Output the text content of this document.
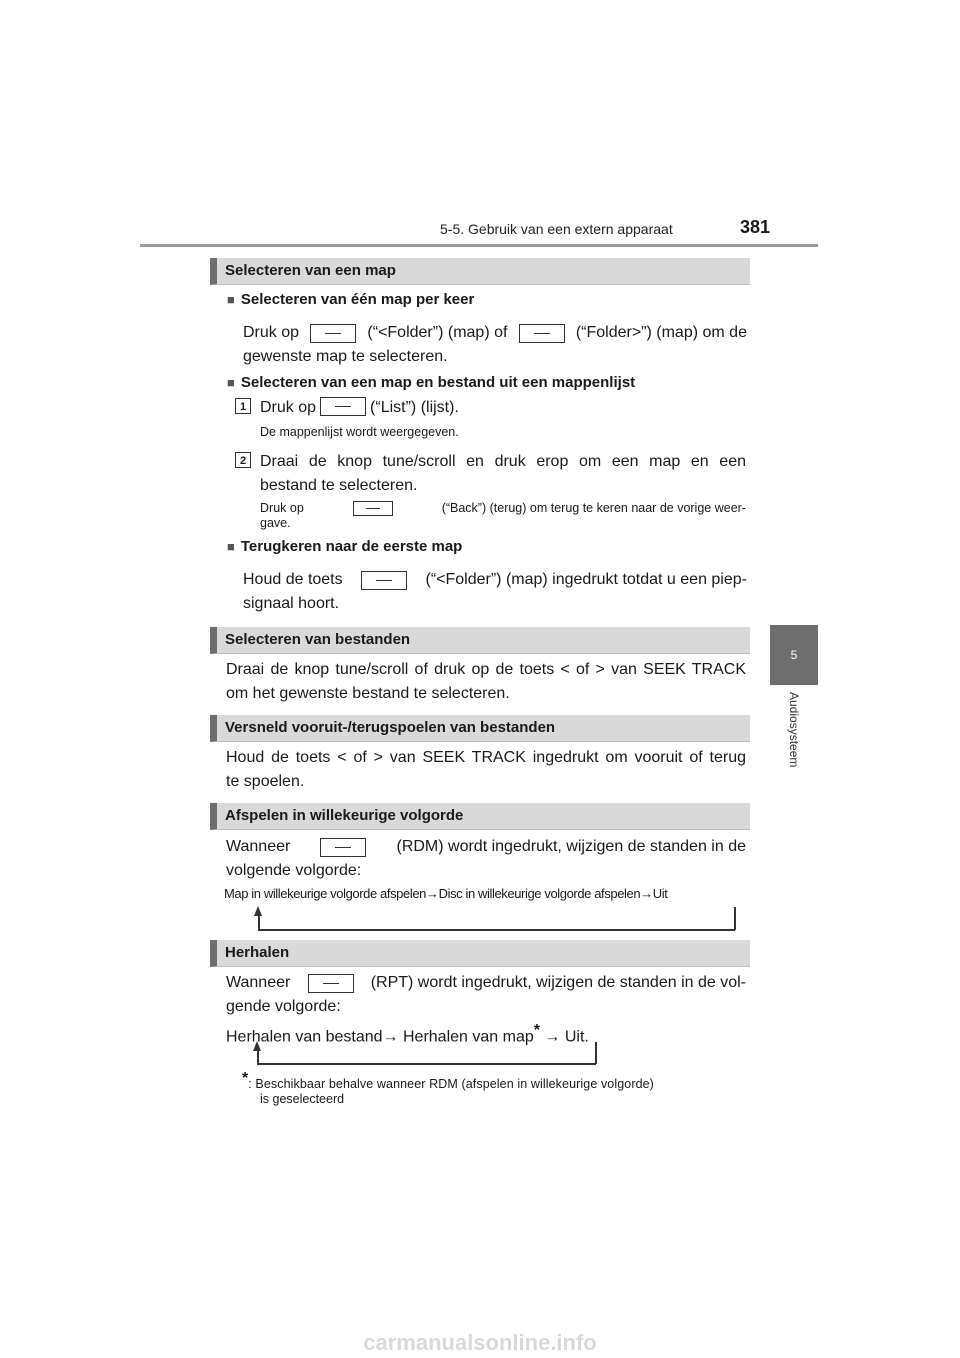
5-5. Gebruik van een extern apparaat	381
5
Audiosysteem
Selecteren van een map
■ Selecteren van één map per keer
Druk op	(“<Folder”) (map) of	(“Folder>”) (map) om de
gewenste map te selecteren.
■ Selecteren van een map en bestand uit een mappenlijst
1 Druk op	(“List”) (lijst).
De mappenlijst wordt weergegeven.
2 Draai de knop tune/scroll en druk erop om een map en een
bestand te selecteren.
Druk op	(“Back”) (terug) om terug te keren naar de vorige weer-
gave.
■ Terugkeren naar de eerste map
Houd de toets	(“<Folder”) (map) ingedrukt totdat u een piep-
signaal hoort.
Selecteren van bestanden
Draai de knop tune/scroll of druk op de toets < of > van SEEK TRACK
om het gewenste bestand te selecteren.
Versneld vooruit-/terugspoelen van bestanden
Houd de toets < of > van SEEK TRACK ingedrukt om vooruit of terug
te spoelen.
Afspelen in willekeurige volgorde
Wanneer	(RDM) wordt ingedrukt, wijzigen de standen in de
volgende volgorde:
Map in willekeurige volgorde afspelen→Disc in willekeurige volgorde afspelen→Uit
Herhalen
Wanneer	(RPT) wordt ingedrukt, wijzigen de standen in de vol-
gende volgorde:
Herhalen van bestand→ Herhalen van map* → Uit.
*: Beschikbaar behalve wanneer RDM (afspelen in willekeurige volgorde)
is geselecteerd
carmanualsonline.info
